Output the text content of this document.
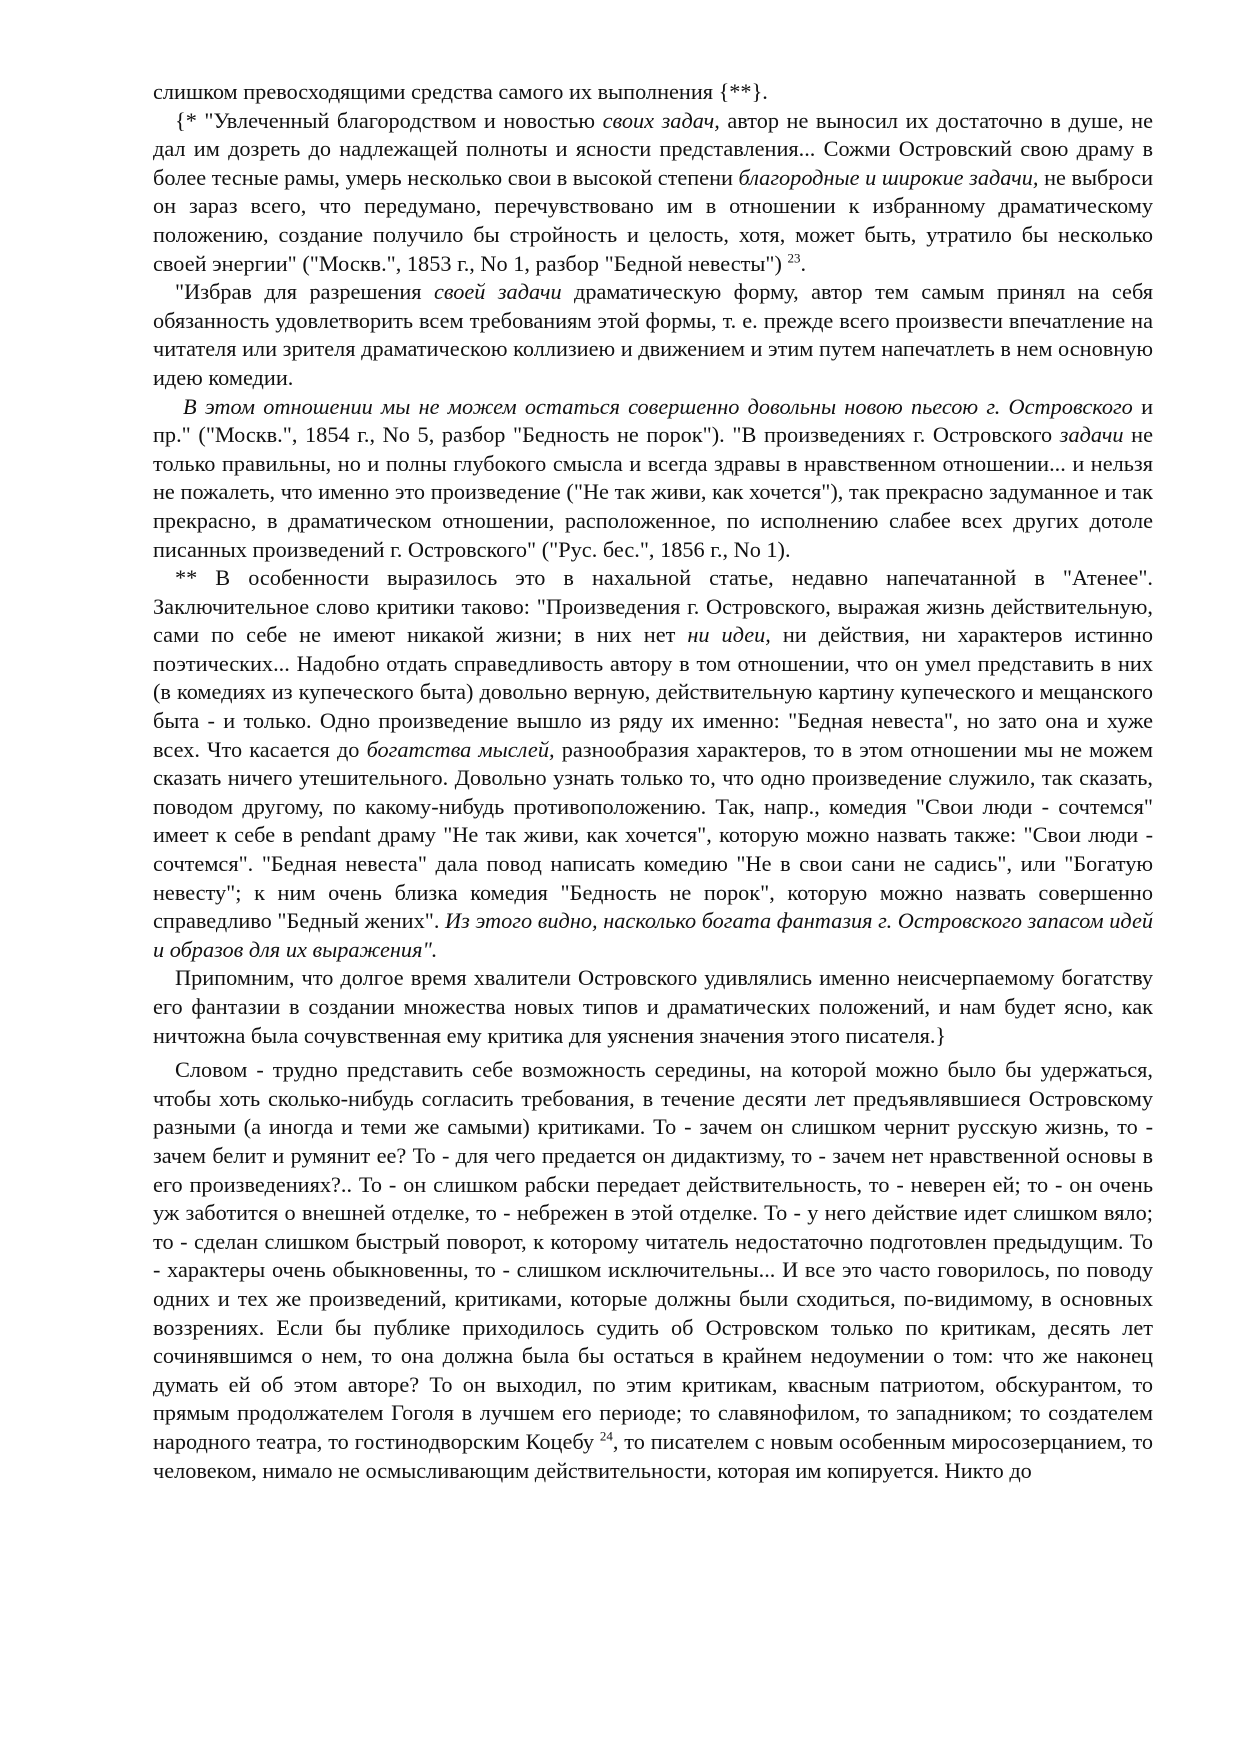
слишком превосходящими средства самого их выполнения {**}.

{* "Увлеченный благородством и новостью своих задач, автор не выносил их достаточно в душе, не дал им дозреть до надлежащей полноты и ясности представления... Сожми Островский свою драму в более тесные рамы, умерь несколько свои в высокой степени благородные и широкие задачи, не выброси он зараз всего, что передумано, перечувствовано им в отношении к избранному драматическому положению, создание получило бы стройность и целость, хотя, может быть, утратило бы несколько своей энергии" ("Москв.", 1853 г., No 1, разбор "Бедной невесты") $^{23}$.

"Избрав для разрешения своей задачи драматическую форму, автор тем самым принял на себя обязанность удовлетворить всем требованиям этой формы, т. е. прежде всего произвести впечатление на читателя или зрителя драматическою коллизиею и движением и этим путем напечатлеть в нем основную идею комедии.

В этом отношении мы не можем остаться совершенно довольны новою пьесою г. Островского и пр." ("Москв.", 1854 г., No 5, разбор "Бедность не порок"). "В произведениях г. Островского задачи не только правильны, но и полны глубокого смысла и всегда здравы в нравственном отношении... и нельзя не пожалеть, что именно это произведение ("Не так живи, как хочется"), так прекрасно задуманное и так прекрасно, в драматическом отношении, расположенное, по исполнению слабее всех других дотоле писанных произведений г. Островского" ("Рус. бес.", 1856 г., No 1).

** В особенности выразилось это в нахальной статье, недавно напечатанной в "Атенее". Заключительное слово критики таково: "Произведения г. Островского, выражая жизнь действительную, сами по себе не имеют никакой жизни; в них нет ни идеи, ни действия, ни характеров истинно поэтических... Надобно отдать справедливость автору в том отношении, что он умел представить в них (в комедиях из купеческого быта) довольно верную, действительную картину купеческого и мещанского быта - и только. Одно произведение вышло из ряду их именно: "Бедная невеста", но зато она и хуже всех. Что касается до богатства мыслей, разнообразия характеров, то в этом отношении мы не можем сказать ничего утешительного. Довольно узнать только то, что одно произведение служило, так сказать, поводом другому, по какому-нибудь противоположению. Так, напр., комедия "Свои люди - сочтемся" имеет к себе в pendant драму "Не так живи, как хочется", которую можно назвать также: "Свои люди - сочтемся". "Бедная невеста" дала повод написать комедию "Не в свои сани не садись", или "Богатую невесту"; к ним очень близка комедия "Бедность не порок", которую можно назвать совершенно справедливо "Бедный жених". Из этого видно, насколько богата фантазия г. Островского запасом идей и образов для их выражения".

Припомним, что долгое время хвалители Островского удивлялись именно неисчерпаемому богатству его фантазии в создании множества новых типов и драматических положений, и нам будет ясно, как ничтожна была сочувственная ему критика для уяснения значения этого писателя.}

Словом - трудно представить себе возможность середины, на которой можно было бы удержаться, чтобы хоть сколько-нибудь согласить требования, в течение десяти лет предъявлявшиеся Островскому разными (а иногда и теми же самыми) критиками. То - зачем он слишком чернит русскую жизнь, то - зачем белит и румянит ее? То - для чего предается он дидактизму, то - зачем нет нравственной основы в его произведениях?.. То - он слишком рабски передает действительность, то - неверен ей; то - он очень уж заботится о внешней отделке, то - небрежен в этой отделке. То - у него действие идет слишком вяло; то - сделан слишком быстрый поворот, к которому читатель недостаточно подготовлен предыдущим. То - характеры очень обыкновенны, то - слишком исключительны... И все это часто говорилось, по поводу одних и тех же произведений, критиками, которые должны были сходиться, по-видимому, в основных воззрениях. Если бы публике приходилось судить об Островском только по критикам, десять лет сочинявшимся о нем, то она должна была бы остаться в крайнем недоумении о том: что же наконец думать ей об этом авторе? То он выходил, по этим критикам, квасным патриотом, обскурантом, то прямым продолжателем Гоголя в лучшем его периоде; то славянофилом, то западником; то создателем народного театра, то гостинодворским Коцебу $^{24}$, то писателем с новым особенным миросозерцанием, то человеком, нимало не осмысливающим действительности, которая им копируется. Никто до
